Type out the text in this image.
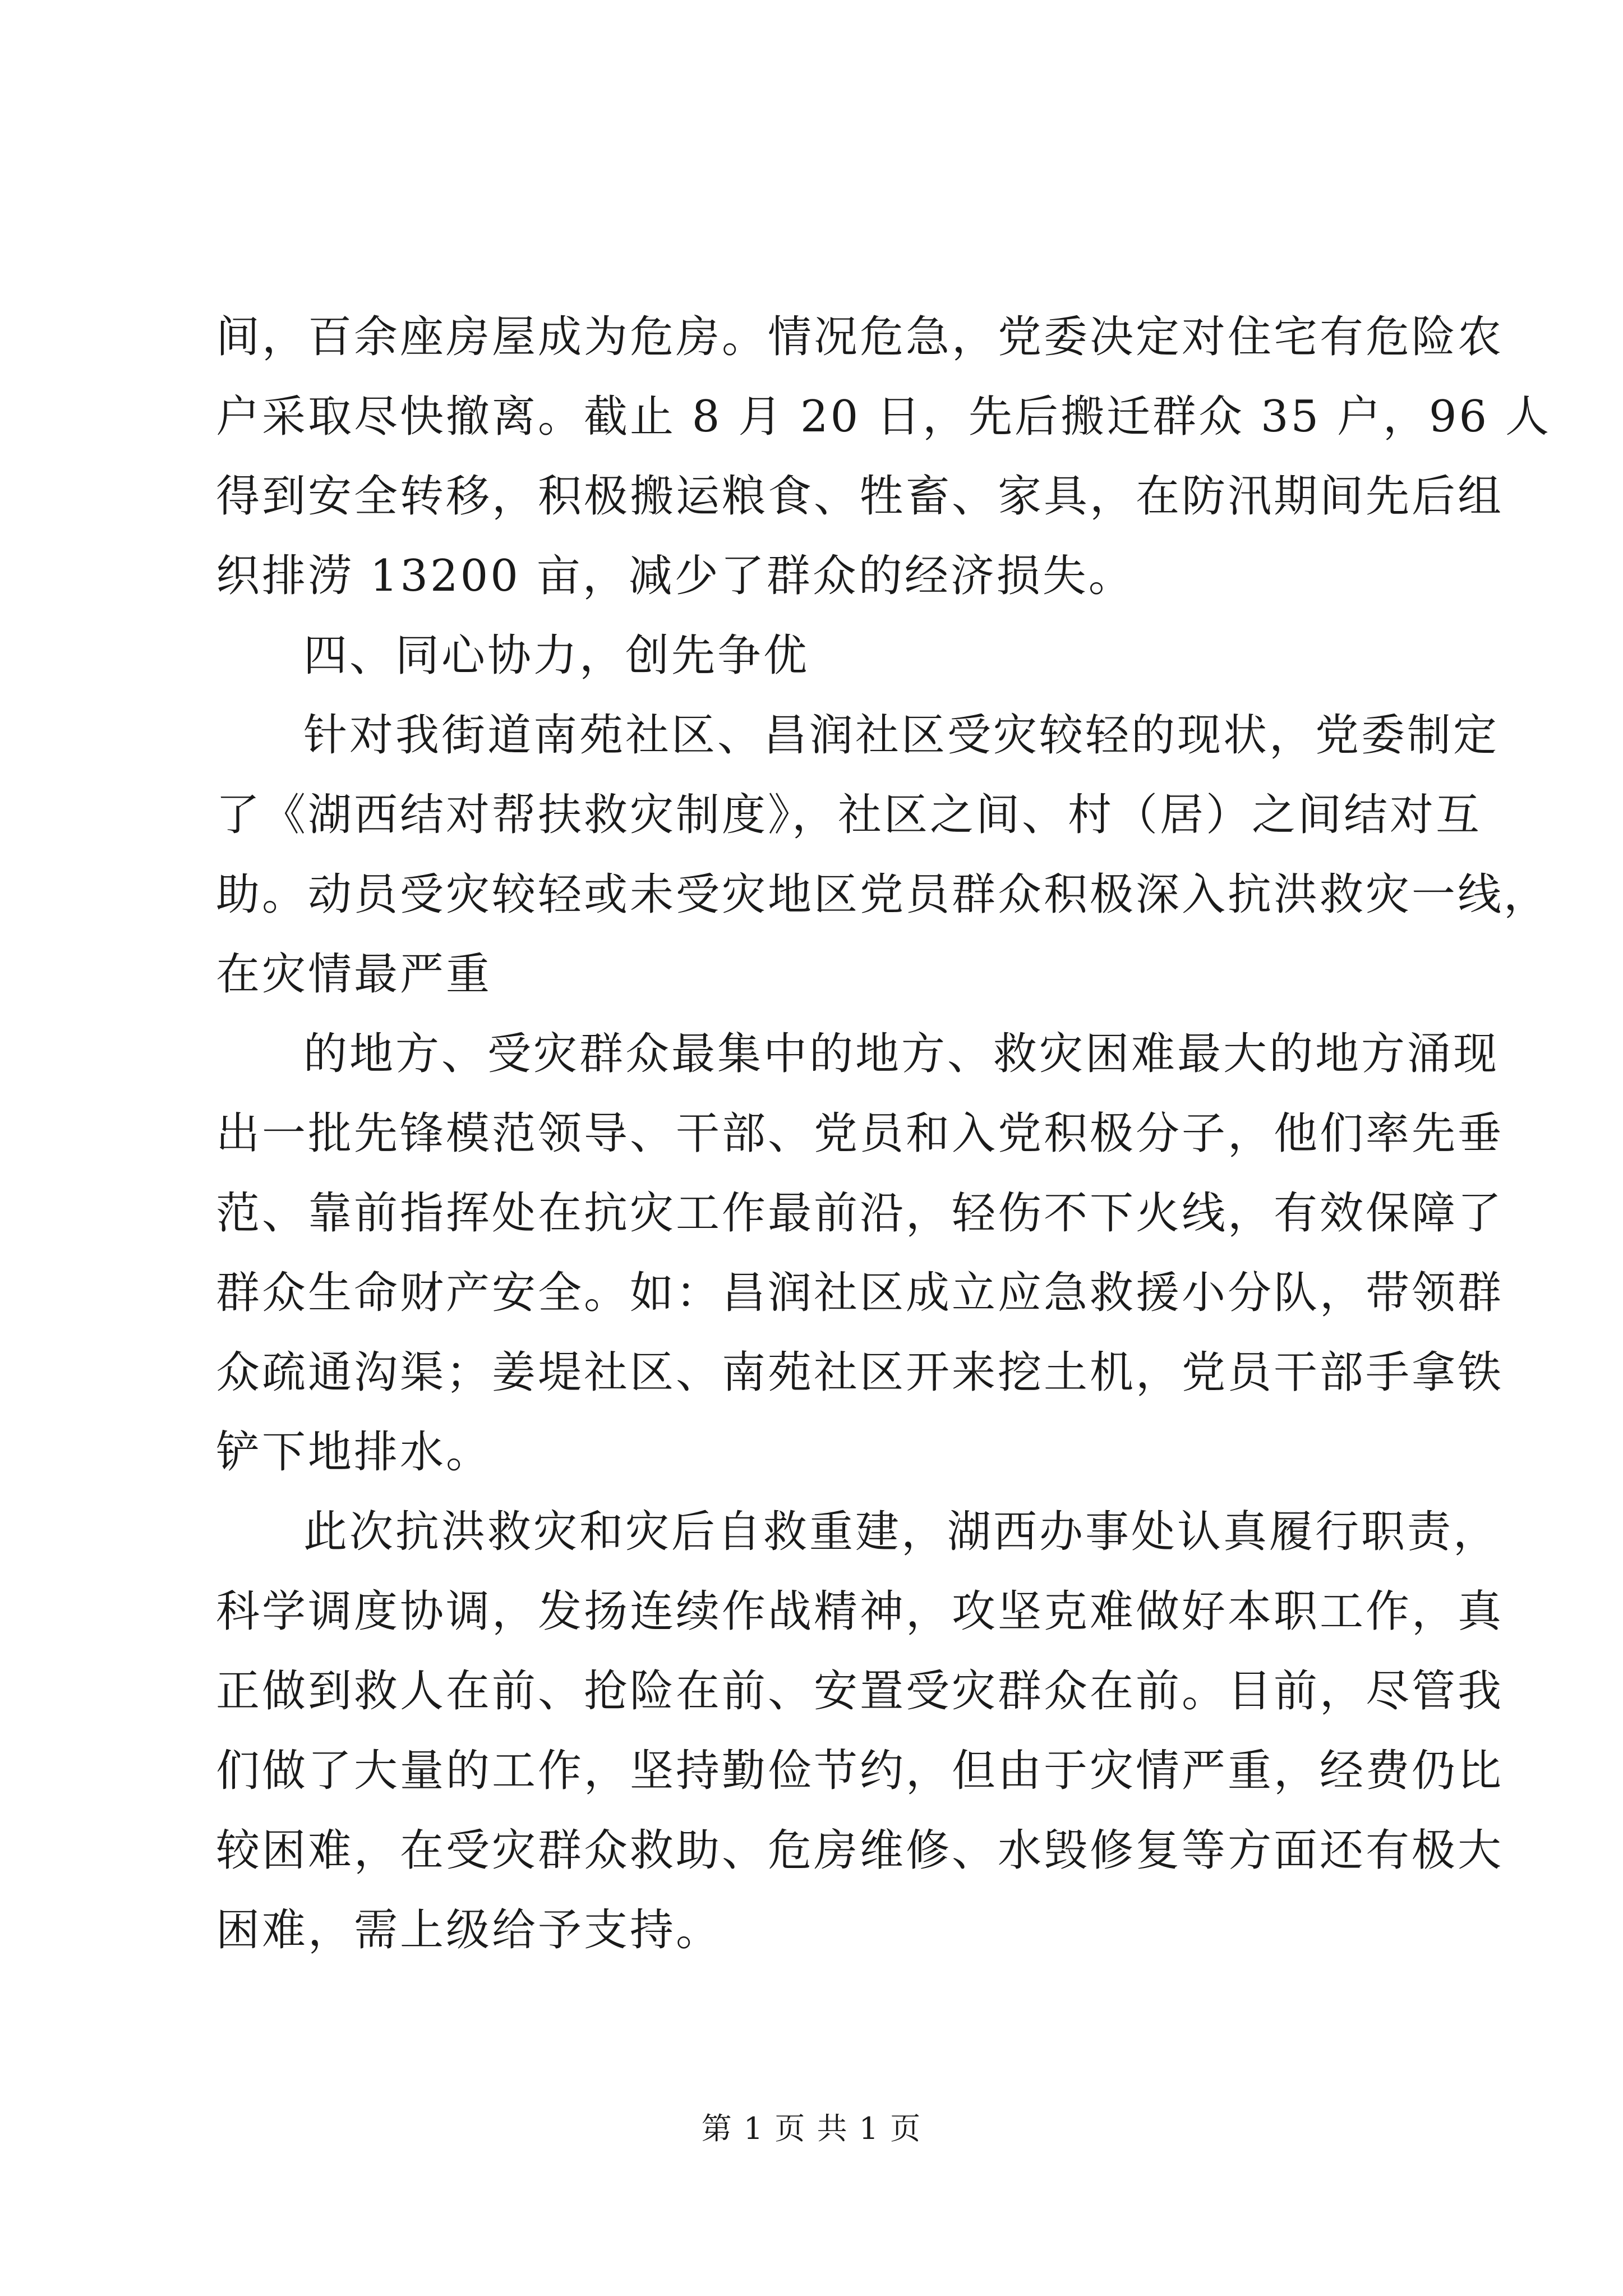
间，百余座房屋成为危房。情况危急，党委决定对住宅有危险农
户采取尽快撤离。截止 8 月 20 日，先后搬迁群众 35 户，96 人
得到安全转移，积极搬运粮食、牲畜、家具，在防汛期间先后组
织排涝 13200 亩，减少了群众的经济损失。
四、同心协力，创先争优
针对我街道南苑社区、昌润社区受灾较轻的现状，党委制定
了《湖西结对帮扶救灾制度》，社区之间、村（居）之间结对互
助。动员受灾较轻或未受灾地区党员群众积极深入抗洪救灾一线，
在灾情最严重
的地方、受灾群众最集中的地方、救灾困难最大的地方涌现
出一批先锋模范领导、干部、党员和入党积极分子，他们率先垂
范、靠前指挥处在抗灾工作最前沿，轻伤不下火线，有效保障了
群众生命财产安全。如：昌润社区成立应急救援小分队，带领群
众疏通沟渠；姜堤社区、南苑社区开来挖土机，党员干部手拿铁
铲下地排水。
此次抗洪救灾和灾后自救重建，湖西办事处认真履行职责，
科学调度协调，发扬连续作战精神，攻坚克难做好本职工作，真
正做到救人在前、抢险在前、安置受灾群众在前。目前，尽管我
们做了大量的工作，坚持勤俭节约，但由于灾情严重，经费仍比
较困难，在受灾群众救助、危房维修、水毁修复等方面还有极大
困难，需上级给予支持。
第 1 页 共 1 页
